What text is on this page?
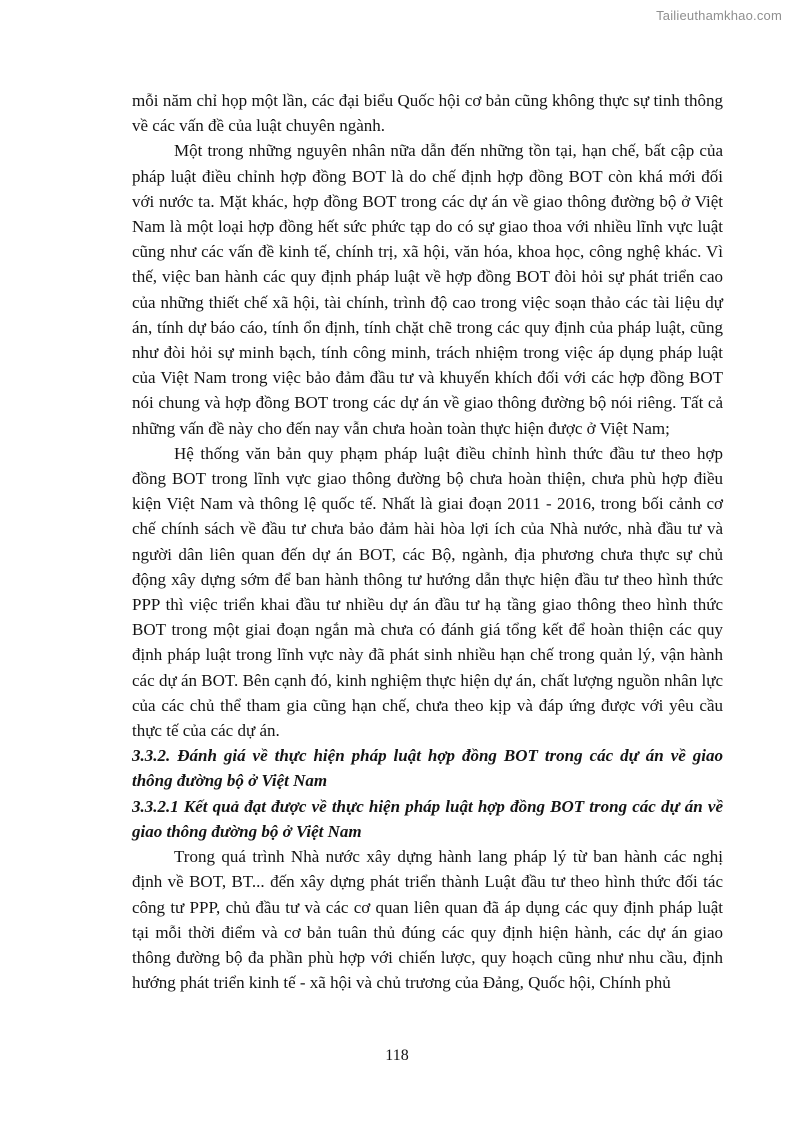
Tailieuthamkhao.com

mỗi năm chỉ họp một lần, các đại biểu Quốc hội cơ bản cũng không thực sự tinh thông về các vấn đề của luật chuyên ngành.

Một trong những nguyên nhân nữa dẫn đến những tồn tại, hạn chế, bất cập của pháp luật điều chỉnh hợp đồng BOT là do chế định hợp đồng BOT còn khá mới đối với nước ta. Mặt khác, hợp đồng BOT trong các dự án về giao thông đường bộ ở Việt Nam là một loại hợp đồng hết sức phức tạp do có sự giao thoa với nhiều lĩnh vực luật cũng như các vấn đề kinh tế, chính trị, xã hội, văn hóa, khoa học, công nghệ khác. Vì thế, việc ban hành các quy định pháp luật về hợp đồng BOT đòi hỏi sự phát triển cao của những thiết chế xã hội, tài chính, trình độ cao trong việc soạn thảo các tài liệu dự án, tính dự báo cáo, tính ổn định, tính chặt chẽ trong các quy định của pháp luật, cũng như đòi hỏi sự minh bạch, tính công minh, trách nhiệm trong việc áp dụng pháp luật của Việt Nam trong việc bảo đảm đầu tư và khuyến khích đối với các hợp đồng BOT nói chung và hợp đồng BOT trong các dự án về giao thông đường bộ nói riêng. Tất cả những vấn đề này cho đến nay vẫn chưa hoàn toàn thực hiện được ở Việt Nam;

Hệ thống văn bản quy phạm pháp luật điều chỉnh hình thức đầu tư theo hợp đồng BOT trong lĩnh vực giao thông đường bộ chưa hoàn thiện, chưa phù hợp điều kiện Việt Nam và thông lệ quốc tế. Nhất là giai đoạn 2011 - 2016, trong bối cảnh cơ chế chính sách về đầu tư chưa bảo đảm hài hòa lợi ích của Nhà nước, nhà đầu tư và người dân liên quan đến dự án BOT, các Bộ, ngành, địa phương chưa thực sự chủ động xây dựng sớm để ban hành thông tư hướng dẫn thực hiện đầu tư theo hình thức PPP thì việc triển khai đầu tư nhiều dự án đầu tư hạ tầng giao thông theo hình thức BOT trong một giai đoạn ngắn mà chưa có đánh giá tổng kết để hoàn thiện các quy định pháp luật trong lĩnh vực này đã phát sinh nhiều hạn chế trong quản lý, vận hành các dự án BOT. Bên cạnh đó, kinh nghiệm thực hiện dự án, chất lượng nguồn nhân lực của các chủ thể tham gia cũng hạn chế, chưa theo kịp và đáp ứng được với yêu cầu thực tế của các dự án.

3.3.2. Đánh giá về thực hiện pháp luật hợp đồng BOT trong các dự án về giao thông đường bộ ở Việt Nam

3.3.2.1 Kết quả đạt được về thực hiện pháp luật hợp đồng BOT trong các dự án về giao thông đường bộ ở Việt Nam

Trong quá trình Nhà nước xây dựng hành lang pháp lý từ ban hành các nghị định về BOT, BT... đến xây dựng phát triển thành Luật đầu tư theo hình thức đối tác công tư PPP, chủ đầu tư và các cơ quan liên quan đã áp dụng các quy định pháp luật tại mỗi thời điểm và cơ bản tuân thủ đúng các quy định hiện hành, các dự án giao thông đường bộ đa phần phù hợp với chiến lược, quy hoạch cũng như nhu cầu, định hướng phát triển kinh tế - xã hội và chủ trương của Đảng, Quốc hội, Chính phủ

118
